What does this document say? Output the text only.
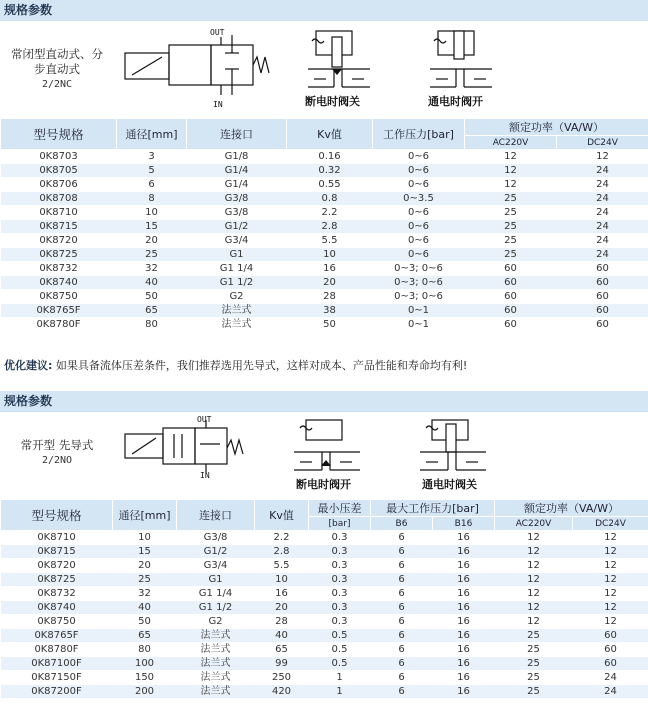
规格参数
常闭型直动式、分
步直动式
2/2NC
OUT
IN	断电时阀关	通电时阀开
型号规格	通径[mm]	连接口	Kv值	工作压力[bar]	额定功率（VA/W）	
					AC220V	DC24V
0K8703	3	G1/8	0.16	0~6	12	12
0K8705	5	G1/4	0.32	0~6	12	24
0K8706	6	G1/4	0.55	0~6	12	24
0K8708	8	G3/8	0.8	0~3.5	25	24
0K8710	10	G3/8	2.2	0~6	25	24
0K8715	15	G1/2	2.8	0~6	25	24
0K8720	20	G3/4	5.5	0~6	25	24
0K8725	25	G1	10	0~6	25	24
0K8732	32	G1 1/4	16	0~3; 0~6	60	60
0K8740	40	G1 1/2	20	0~3; 0~6	60	60
0K8750	50	G2	28	0~3; 0~6	60	60
0K8765F	65	法兰式	38	0~1	60	60
0K8780F	80	法兰式	50	0~1	60	60
优化建议: 如果具备流体压差条件，我们推荐选用先导式，这样对成本、产品性能和寿命均有利!
规格参数
常开型 先导式
2/2NO
OUT
IN
断电时阀开	通电时阀关
型号规格	通径[mm]	连接口	Kv值	最小压差	最大工作压力[bar]		额定功率（VA/W）	
				[bar]	B6	B16	AC220V	DC24V
0K8710	10	G3/8	2.2	0.3	6	16	12	12
0K8715	15	G1/2	2.8	0.3	6	16	12	12
0K8720	20	G3/4	5.5	0.3	6	16	12	12
0K8725	25	G1	10	0.3	6	16	12	12
0K8732	32	G1 1/4	16	0.3	6	16	12	12
0K8740	40	G1 1/2	20	0.3	6	16	12	12
0K8750	50	G2	28	0.3	6	16	12	12
0K8765F	65	法兰式	40	0.5	6	16	25	60
0K8780F	80	法兰式	65	0.5	6	16	25	60
0K87100F	100	法兰式	99	0.5	6	16	25	60
0K87150F	150	法兰式	250	1	6	16	25	24
0K87200F	200	法兰式	420	1	6	16	25	24
